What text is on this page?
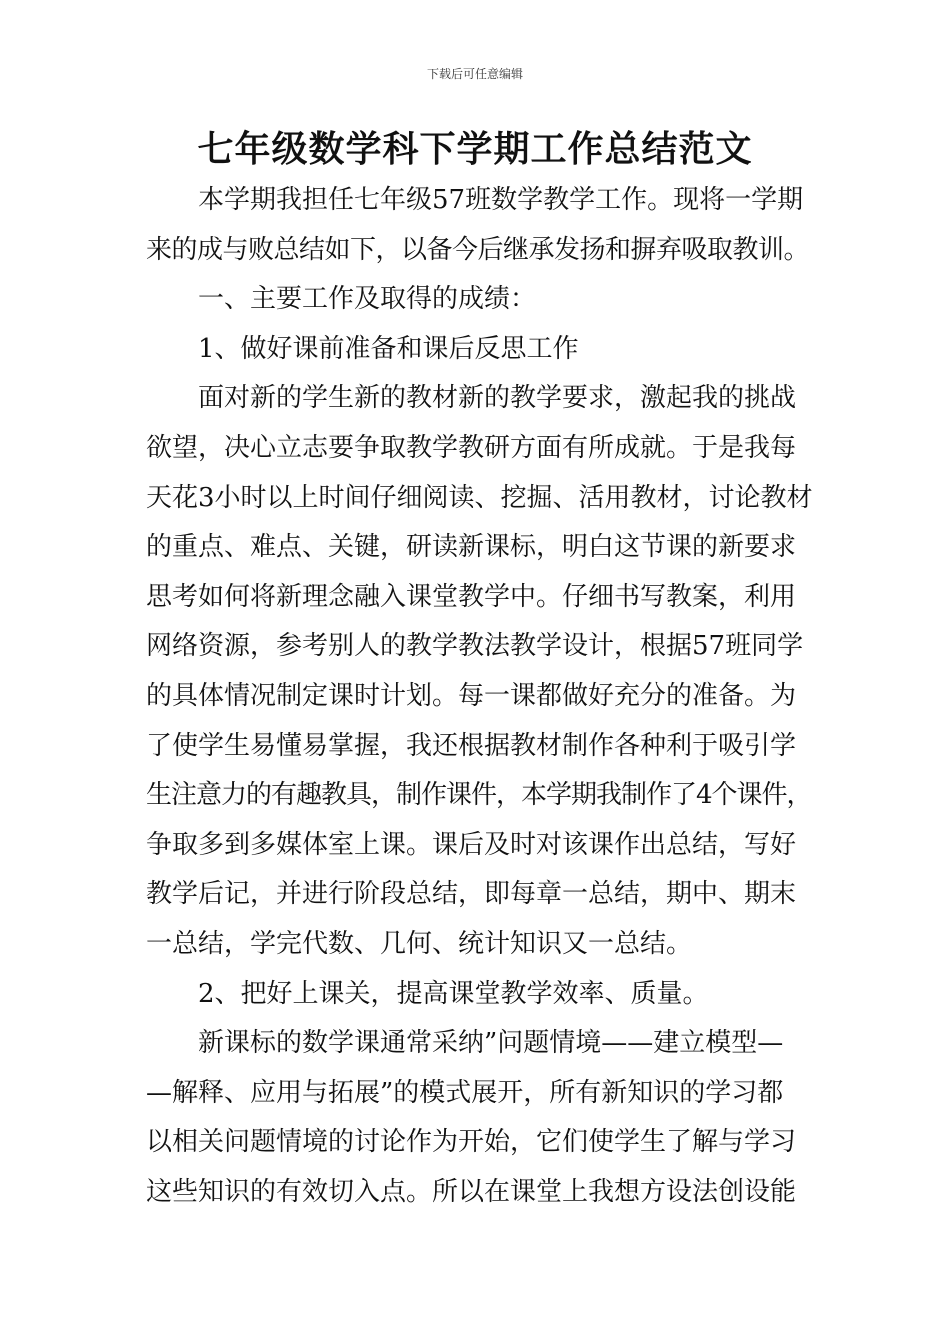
下载后可任意编辑
七年级数学科下学期工作总结范文
本学期我担任七年级57班数学教学工作。现将一学期
来的成与败总结如下，以备今后继承发扬和摒弃吸取教训。
一、主要工作及取得的成绩：
1、做好课前准备和课后反思工作
面对新的学生新的教材新的教学要求，激起我的挑战
欲望，决心立志要争取教学教研方面有所成就。于是我每
天花3小时以上时间仔细阅读、挖掘、活用教材，讨论教材
的重点、难点、关键，研读新课标，明白这节课的新要求
思考如何将新理念融入课堂教学中。仔细书写教案，利用
网络资源，参考别人的教学教法教学设计，根据57班同学
的具体情况制定课时计划。每一课都做好充分的准备。为
了使学生易懂易掌握，我还根据教材制作各种利于吸引学
生注意力的有趣教具，制作课件，本学期我制作了4个课件，
争取多到多媒体室上课。课后及时对该课作出总结，写好
教学后记，并进行阶段总结，即每章一总结，期中、期末
一总结，学完代数、几何、统计知识又一总结。
2、把好上课关，提高课堂教学效率、质量。
新课标的数学课通常采纳”问题情境——建立模型—
—解释、应用与拓展”的模式展开，所有新知识的学习都
以相关问题情境的讨论作为开始，它们使学生了解与学习
这些知识的有效切入点。所以在课堂上我想方设法创设能
